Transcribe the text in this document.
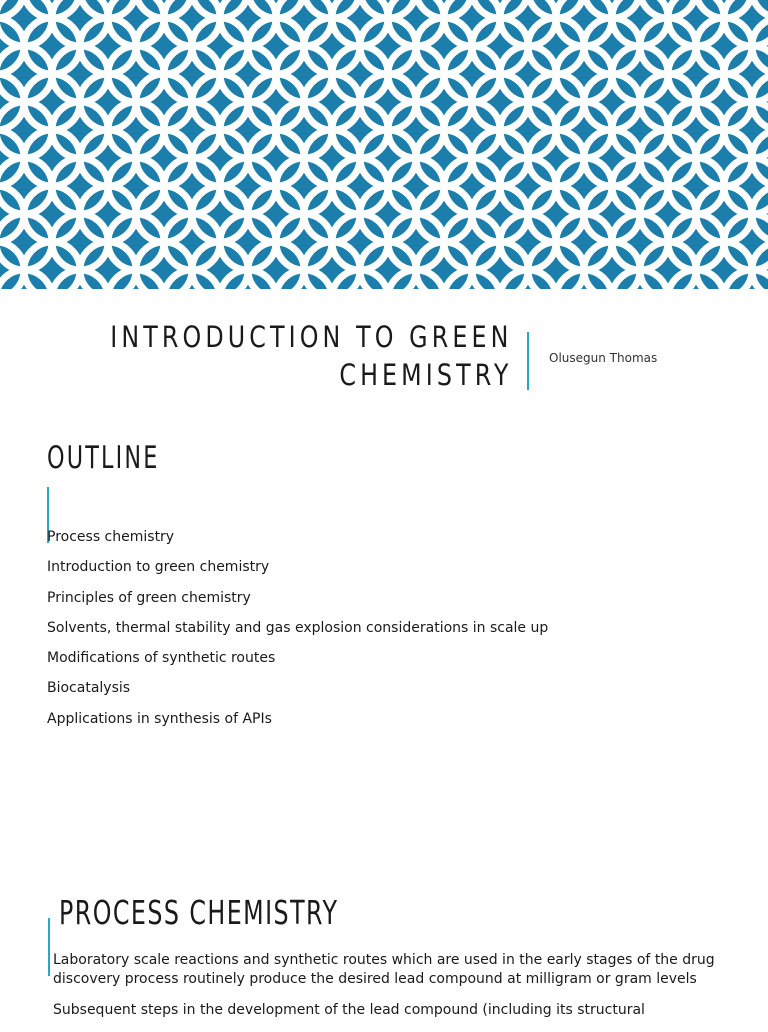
INTRODUCTION TO GREEN
CHEMISTRY	Olusegun Thomas
OUTLINE
Process chemistry
Introduction to green chemistry
Principles of green chemistry
Solvents, thermal stability and gas explosion considerations in scale up
Modifications of synthetic routes
Biocatalysis
Applications in synthesis of APIs
PROCESS CHEMISTRY

Laboratory scale reactions and synthetic routes which are used in the early stages of the drug discovery process routinely produce the desired lead compound at milligram or gram levels

Subsequent steps in the development of the lead compound (including its structural
